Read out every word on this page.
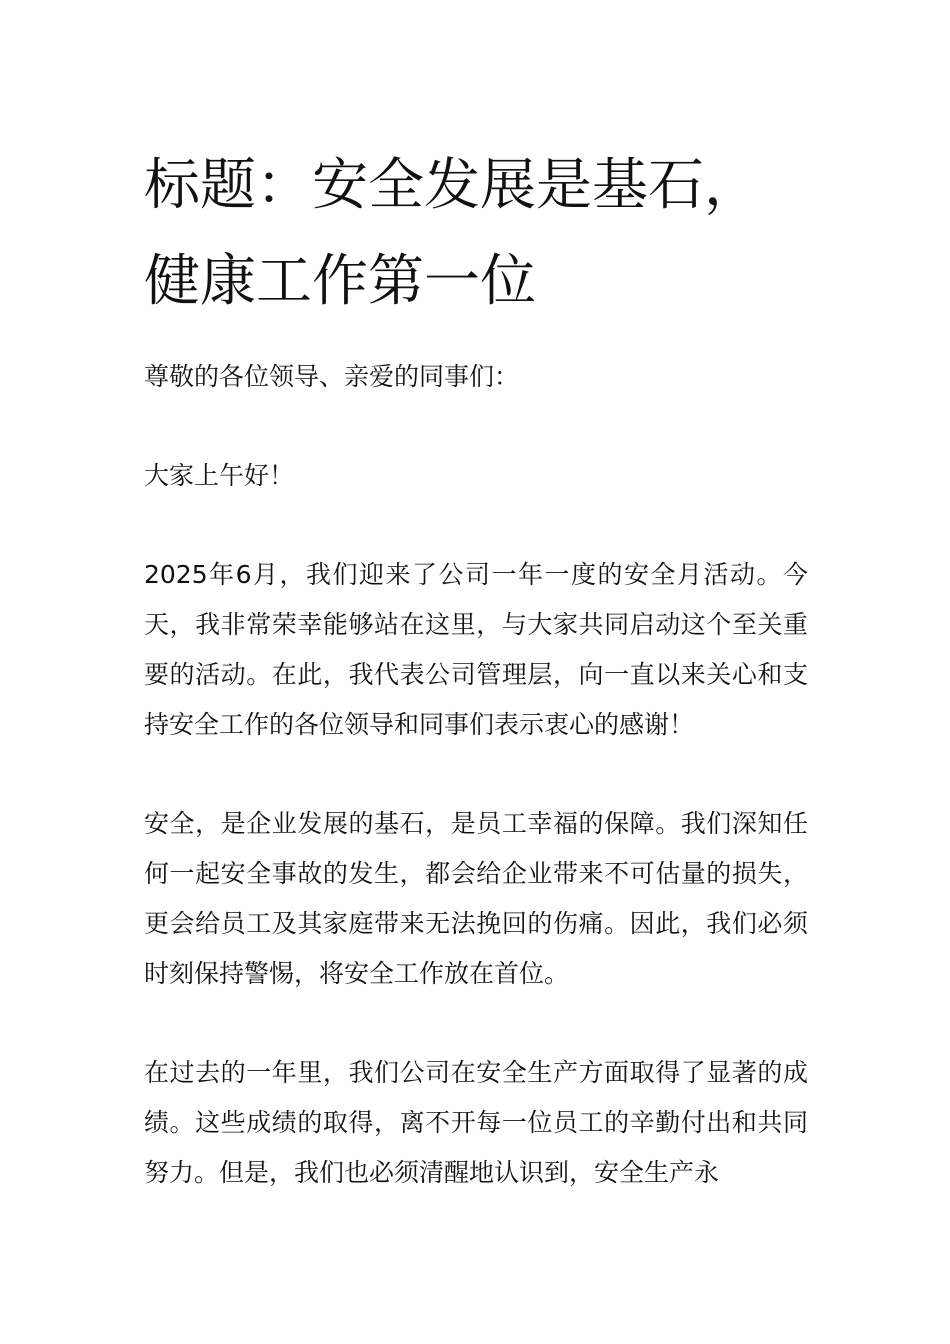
标题：安全发展是基石，健康工作第一位

尊敬的各位领导、亲爱的同事们：

大家上午好！

2025年6月，我们迎来了公司一年一度的安全月活动。今天，我非常荣幸能够站在这里，与大家共同启动这个至关重要的活动。在此，我代表公司管理层，向一直以来关心和支持安全工作的各位领导和同事们表示衷心的感谢！

安全，是企业发展的基石，是员工幸福的保障。我们深知任何一起安全事故的发生，都会给企业带来不可估量的损失，更会给员工及其家庭带来无法挽回的伤痛。因此，我们必须时刻保持警惕，将安全工作放在首位。

在过去的一年里，我们公司在安全生产方面取得了显著的成绩。这些成绩的取得，离不开每一位员工的辛勤付出和共同努力。但是，我们也必须清醒地认识到，安全生产永
